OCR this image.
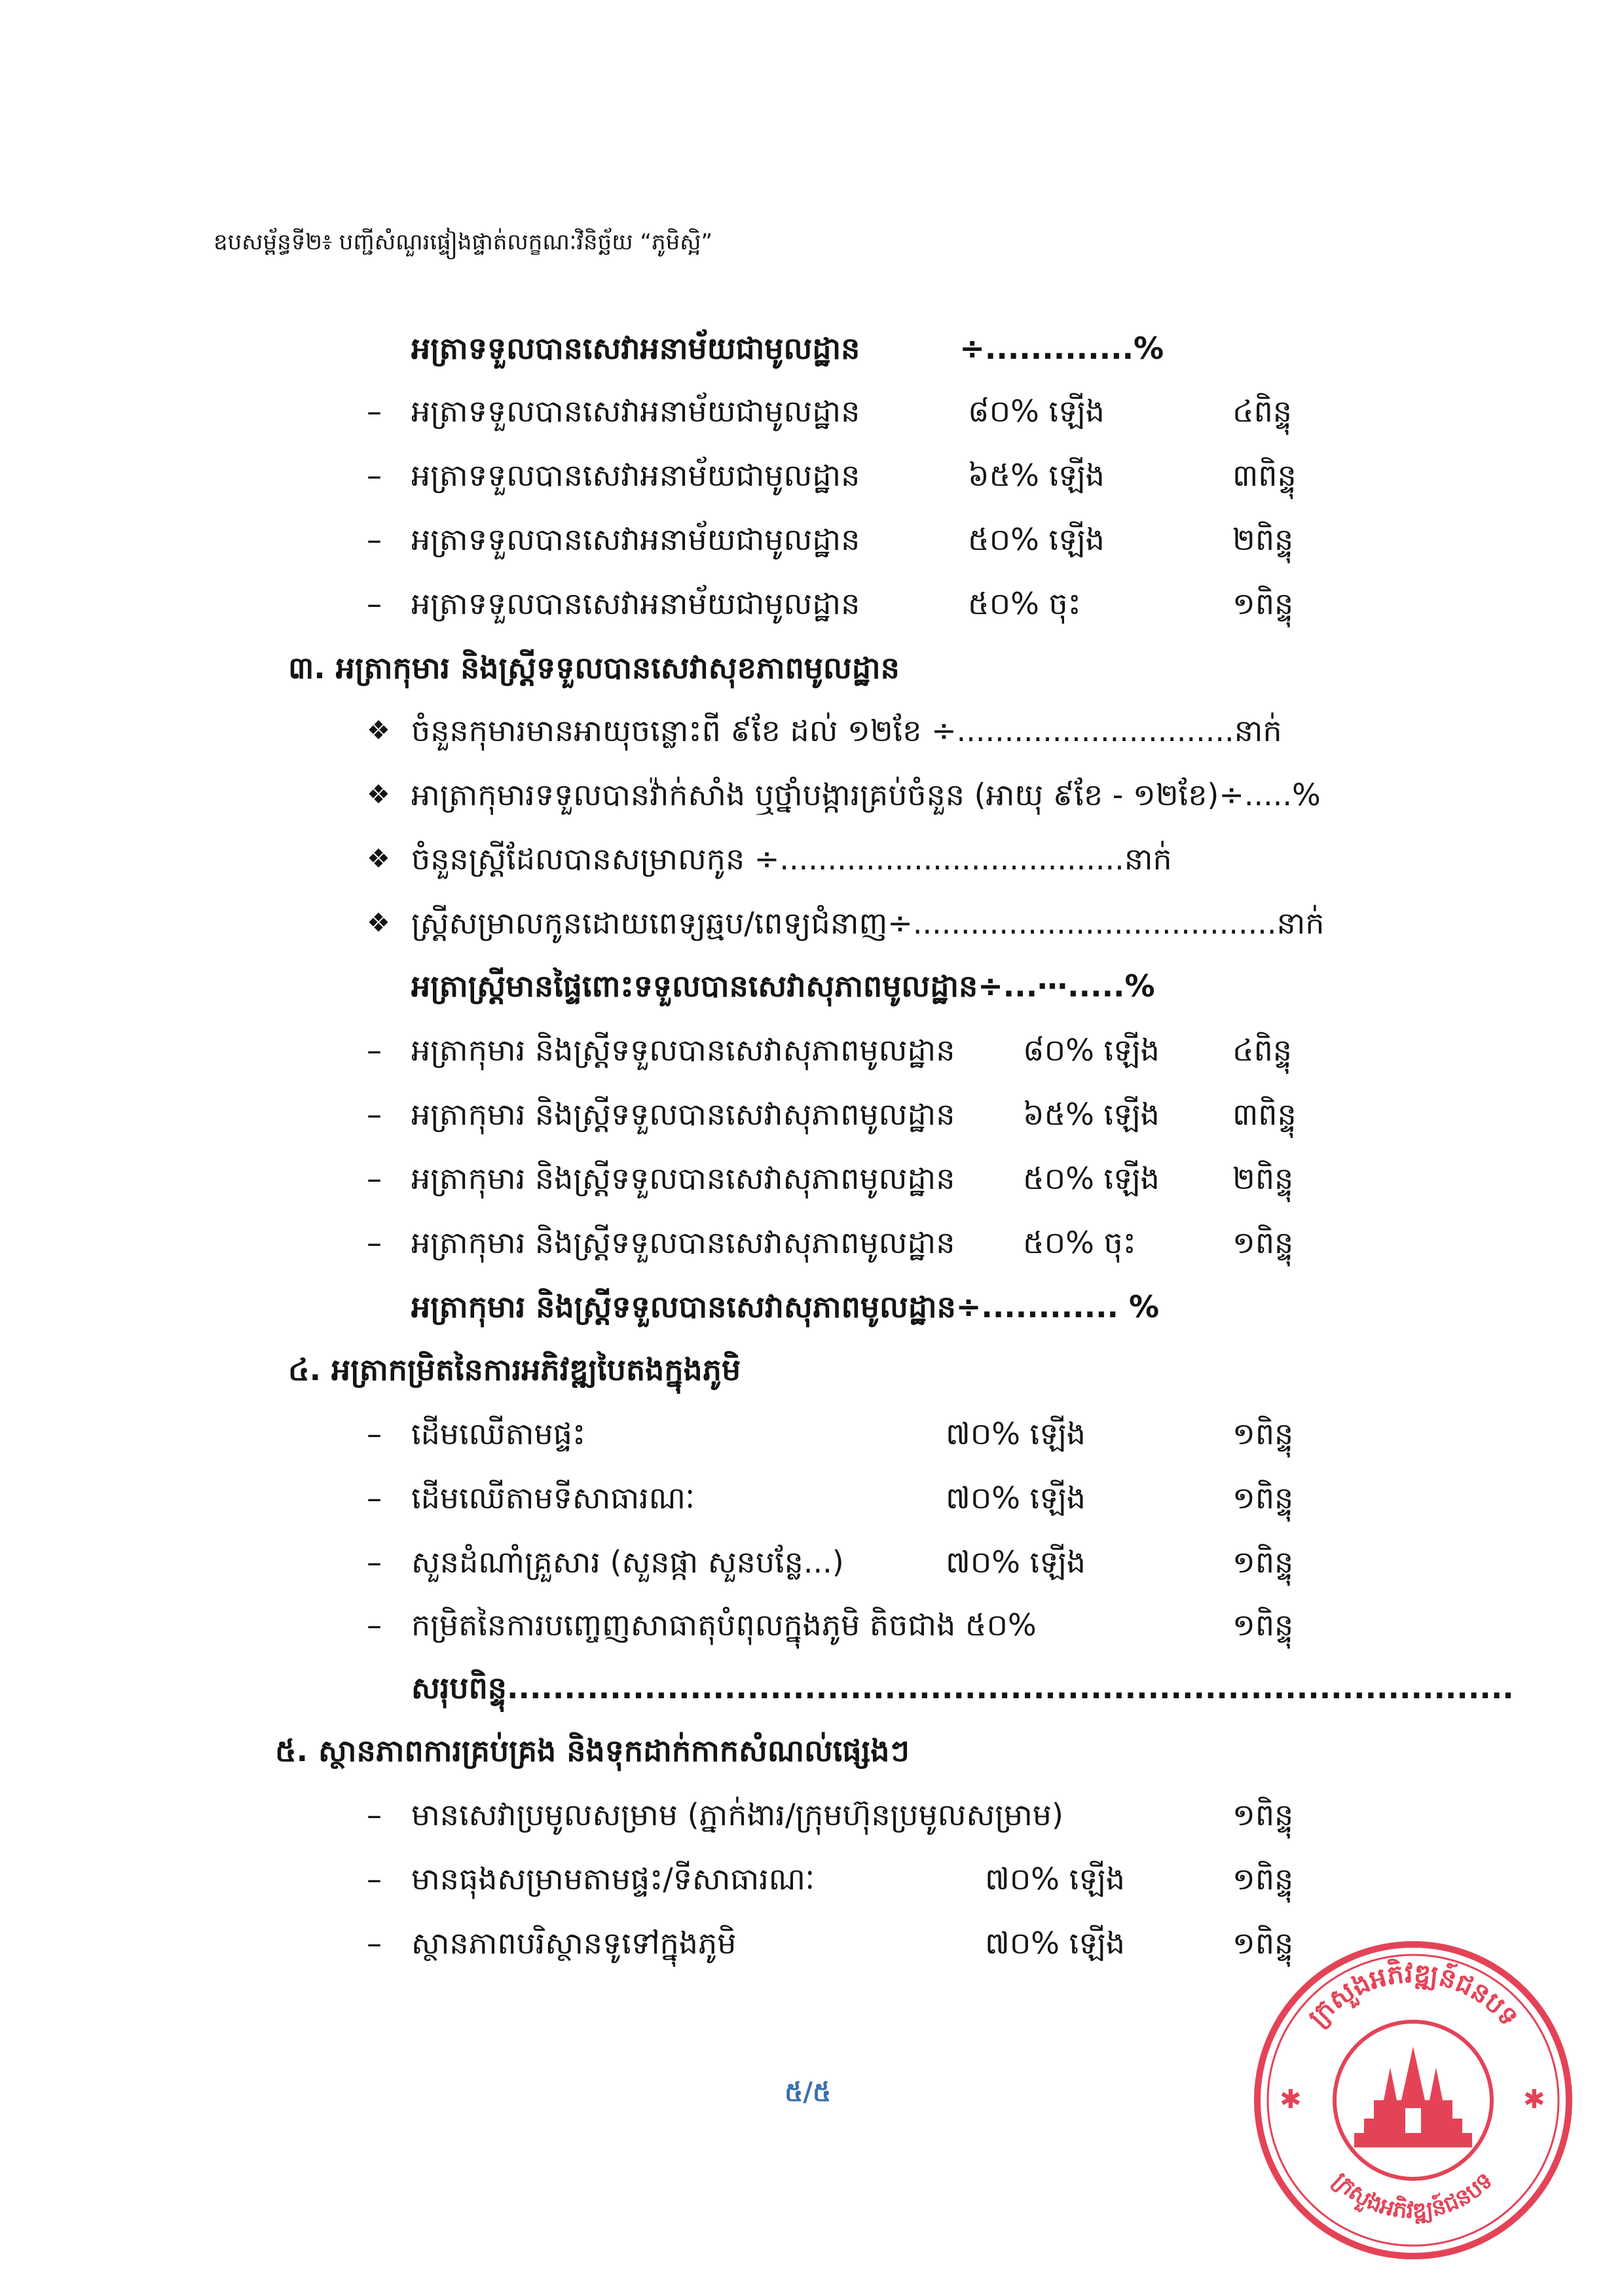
ឧបសម្ព័ន្ធទី២៖ បញ្ជីសំណួរផ្ទៀងផ្ទាត់លក្ខណៈវិនិច្ឆ័យ “ភូមិស្អិ”
អត្រាទទួលបានសេវាអនាម័យជាមូលដ្ឋាន	÷.............%
– អត្រាទទួលបានសេវាអនាម័យជាមូលដ្ឋាន	៨០% ឡើង	៤ពិន្ទុ
– អត្រាទទួលបានសេវាអនាម័យជាមូលដ្ឋាន	៦៥% ឡើង	៣ពិន្ទុ
– អត្រាទទួលបានសេវាអនាម័យជាមូលដ្ឋាន	៥០% ឡើង	២ពិន្ទុ
– អត្រាទទួលបានសេវាអនាម័យជាមូលដ្ឋាន	៥០% ចុះ	១ពិន្ទុ
៣. អត្រាកុមារ និងស្ត្រីទទួលបានសេវាសុខភាពមូលដ្ឋាន
❖ ចំនួនកុមារមានអាយុចន្លោះពី ៩ខែ ដល់ ១២ខែ ÷.............................នាក់
❖ អាត្រាកុមារទទួលបានវ៉ាក់សាំង ឬថ្នាំបង្ការគ្រប់ចំនួន (អាយុ ៩ខែ - ១២ខែ)÷.....%
❖ ចំនួនស្ត្រីដែលបានសម្រាលកូន ÷....................................នាក់
❖ ស្ត្រីសម្រាលកូនដោយពេទ្យឆ្មប/ពេទ្យជំនាញ÷......................................នាក់
អត្រាស្ត្រីមានផ្ទៃពោះទទួលបានសេវាសុភាពមូលដ្ឋាន÷...⋯.....%
– អត្រាកុមារ និងស្ត្រីទទួលបានសេវាសុភាពមូលដ្ឋាន ៨០% ឡើង ៤ពិន្ទុ
– អត្រាកុមារ និងស្ត្រីទទួលបានសេវាសុភាពមូលដ្ឋាន ៦៥% ឡើង ៣ពិន្ទុ
– អត្រាកុមារ និងស្ត្រីទទួលបានសេវាសុភាពមូលដ្ឋាន ៥០% ឡើង ២ពិន្ទុ
– អត្រាកុមារ និងស្ត្រីទទួលបានសេវាសុភាពមូលដ្ឋាន ៥០% ចុះ	១ពិន្ទុ
អត្រាកុមារ និងស្ត្រីទទួលបានសេវាសុភាពមូលដ្ឋាន÷............ %
៤. អត្រាកម្រិតនៃការអភិវឌ្ឍបៃតងក្នុងភូមិ
– ដើមឈើតាមផ្ទះ	៧០% ឡើង	១ពិន្ទុ
– ដើមឈើតាមទីសាធារណៈ	៧០% ឡើង	១ពិន្ទុ
– សួនដំណាំគ្រួសារ (សួនផ្កា សួនបន្លែ...)	៧០% ឡើង	១ពិន្ទុ
– កម្រិតនៃការបញ្ចេញសាធាតុបំពុលក្នុងភូមិ តិចជាង ៥០%	១ពិន្ទុ
សរុបពិន្ទុ........................................................................................
៥. ស្ថានភាពការគ្រប់គ្រង និងទុកដាក់កាកសំណល់ផ្សេងៗ
– មានសេវាប្រមូលសម្រាម (ភ្នាក់ងារ/ក្រុមហ៊ុនប្រមូលសម្រាម)	១ពិន្ទុ
– មានធុងសម្រាមតាមផ្ទះ/ទីសាធារណៈ	៧០% ឡើង	១ពិន្ទុ
– ស្ថានភាពបរិស្ថានទូទៅក្នុងភូមិ	៧០% ឡើង	១ពិន្ទុ
៥/៥
ក្រសួងអភិវឌ្ឍន៍ជនបទ
ក្រសួងអភិវឌ្ឍន៍ជនបទ
✱	✱
